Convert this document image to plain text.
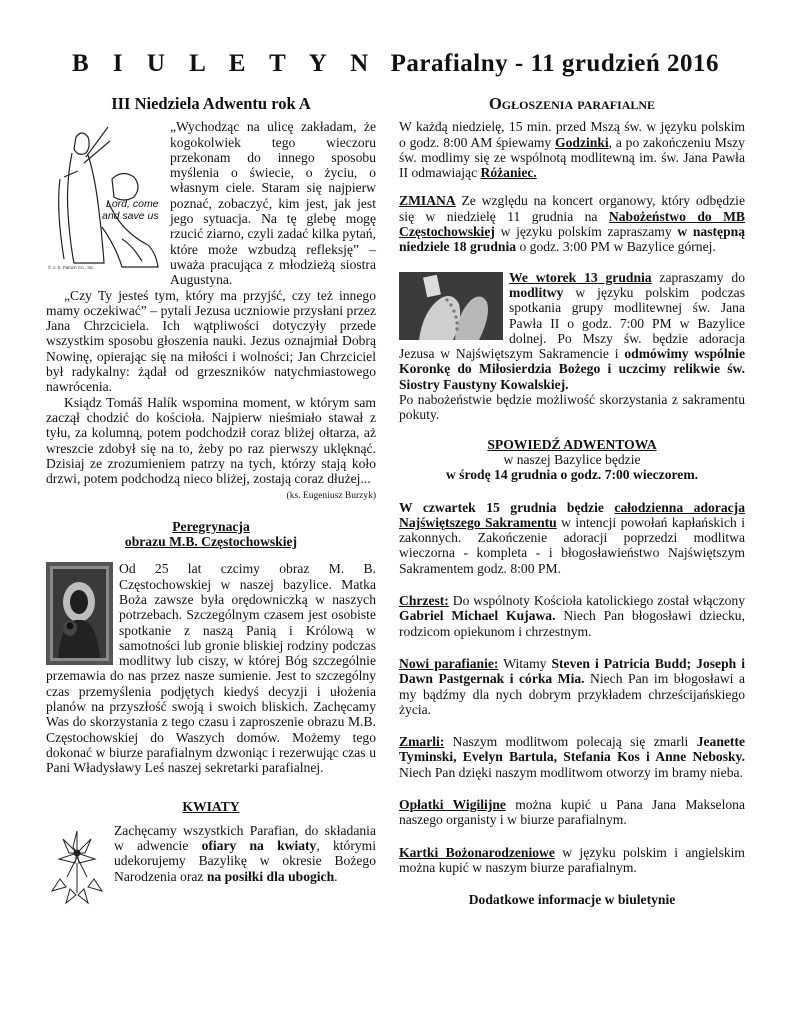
B I U L E T Y N Parafialny - 11 grudzień 2016
III Niedziela Adwentu rok A
Lord, come and save us
© J. S. Paluch Co., Inc.

„Wychodząc na ulicę zakładam, że kogokolwiek tego wieczoru przekonam do innego sposobu myślenia o świecie, o życiu, o własnym ciele. Staram się najpierw poznać, zobaczyć, kim jest, jak jest jego sytuacja. Na tę glebę mogę rzucić ziarno, czyli zadać kilka pytań, które może wzbudzą refleksję” – uważa pracująca z młodzieżą siostra Augustyna.

„Czy Ty jesteś tym, który ma przyjść, czy też innego mamy oczekiwać” – pytali Jezusa uczniowie przysłani przez Jana Chrzciciela. Ich wątpliwości dotyczyły przede wszystkim sposobu głoszenia nauki. Jezus oznajmiał Dobrą Nowinę, opierając się na miłości i wolności; Jan Chrzciciel był radykalny: żądał od grzeszników natychmiastowego nawrócenia.

Ksiądz Tomáš Halík wspomina moment, w którym sam zaczął chodzić do kościoła. Najpierw nieśmiało stawał z tyłu, za kolumną, potem podchodził coraz bliżej ołtarza, aż wreszcie zdobył się na to, żeby po raz pierwszy uklęknąć. Dzisiaj ze zrozumieniem patrzy na tych, którzy stają koło drzwi, potem podchodzą nieco bliżej, zostają coraz dłużej...

(ks. Eugeniusz Burzyk)
Peregrynacja
obrazu M.B. Częstochowskiej

Od 25 lat czcimy obraz M. B. Częstochowskiej w naszej bazylice. Matka Boża zawsze była orędowniczką w naszych potrzebach. Szczególnym czasem jest osobiste spotkanie z naszą Panią i Królową w samotności lub gronie bliskiej rodziny podczas modlitwy lub ciszy, w której Bóg szczególnie przemawia do nas przez nasze sumienie. Jest to szczególny czas przemyślenia podjętych kiedyś decyzji i ułożenia planów na przyszłość swoją i swoich bliskich. Zachęcamy Was do skorzystania z tego czasu i zaproszenie obrazu M.B. Częstochowskiej do Waszych domów. Możemy tego dokonać w biurze parafialnym dzwoniąc i rezerwując czas u Pani Władysławy Leś naszej sekretarki parafialnej.

KWIATY

Zachęcamy wszystkich Parafian, do składania w adwencie ofiary na kwiaty, którymi udekorujemy Bazylikę w okresie Bożego Narodzenia oraz na posiłki dla ubogich.

Ogłoszenia parafialne

W każdą niedzielę, 15 min. przed Mszą św. w języku polskim o godz. 8:00 AM śpiewamy Godzinki, a po zakończeniu Mszy św. modlimy się ze wspólnotą modlitewną im. św. Jana Pawła II odmawiając Różaniec.

ZMIANA Ze względu na koncert organowy, który odbędzie się w niedzielę 11 grudnia na Nabożeństwo do MB Częstochowskiej w języku polskim zapraszamy w następną niedziele 18 grudnia o godz. 3:00 PM w Bazylice górnej.

We wtorek 13 grudnia zapraszamy do modlitwy w języku polskim podczas spotkania grupy modlitewnej św. Jana Pawła II o godz. 7:00 PM w Bazylice dolnej. Po Mszy św. będzie adoracja Jezusa w Najświętszym Sakramencie i odmówimy wspólnie Koronkę do Miłosierdzia Bożego i uczcimy relikwie św. Siostry Faustyny Kowalskiej.

Po nabożeństwie będzie możliwość skorzystania z sakramentu pokuty.

SPOWIEDŹ ADWENTOWA
w naszej Bazylice będzie
w środę 14 grudnia o godz. 7:00 wieczorem.

W czwartek 15 grudnia będzie całodzienna adoracja Najświętszego Sakramentu w intencji powołań kapłańskich i zakonnych. Zakończenie adoracji poprzedzi modlitwa wieczorna - kompleta - i błogosławieństwo Najświętszym Sakramentem godz. 8:00 PM.

Chrzest: Do wspólnoty Kościoła katolickiego został włączony Gabriel Michael Kujawa. Niech Pan błogosławi dziecku, rodzicom opiekunom i chrzestnym.

Nowi parafianie: Witamy Steven i Patricia Budd; Joseph i Dawn Pastgernak i córka Mia. Niech Pan im błogosławi a my bądźmy dla nych dobrym przykładem chrześcijańskiego życia.

Zmarli: Naszym modlitwom polecają się zmarli Jeanette Tyminski, Evelyn Bartula, Stefania Kos i Anne Nebosky. Niech Pan dzięki naszym modlitwom otworzy im bramy nieba.

Opłatki Wigilijne można kupić u Pana Jana Makselona naszego organisty i w biurze parafialnym.

Kartki Bożonarodzeniowe w języku polskim i angielskim można kupić w naszym biurze parafialnym.

Dodatkowe informacje w biuletynie
